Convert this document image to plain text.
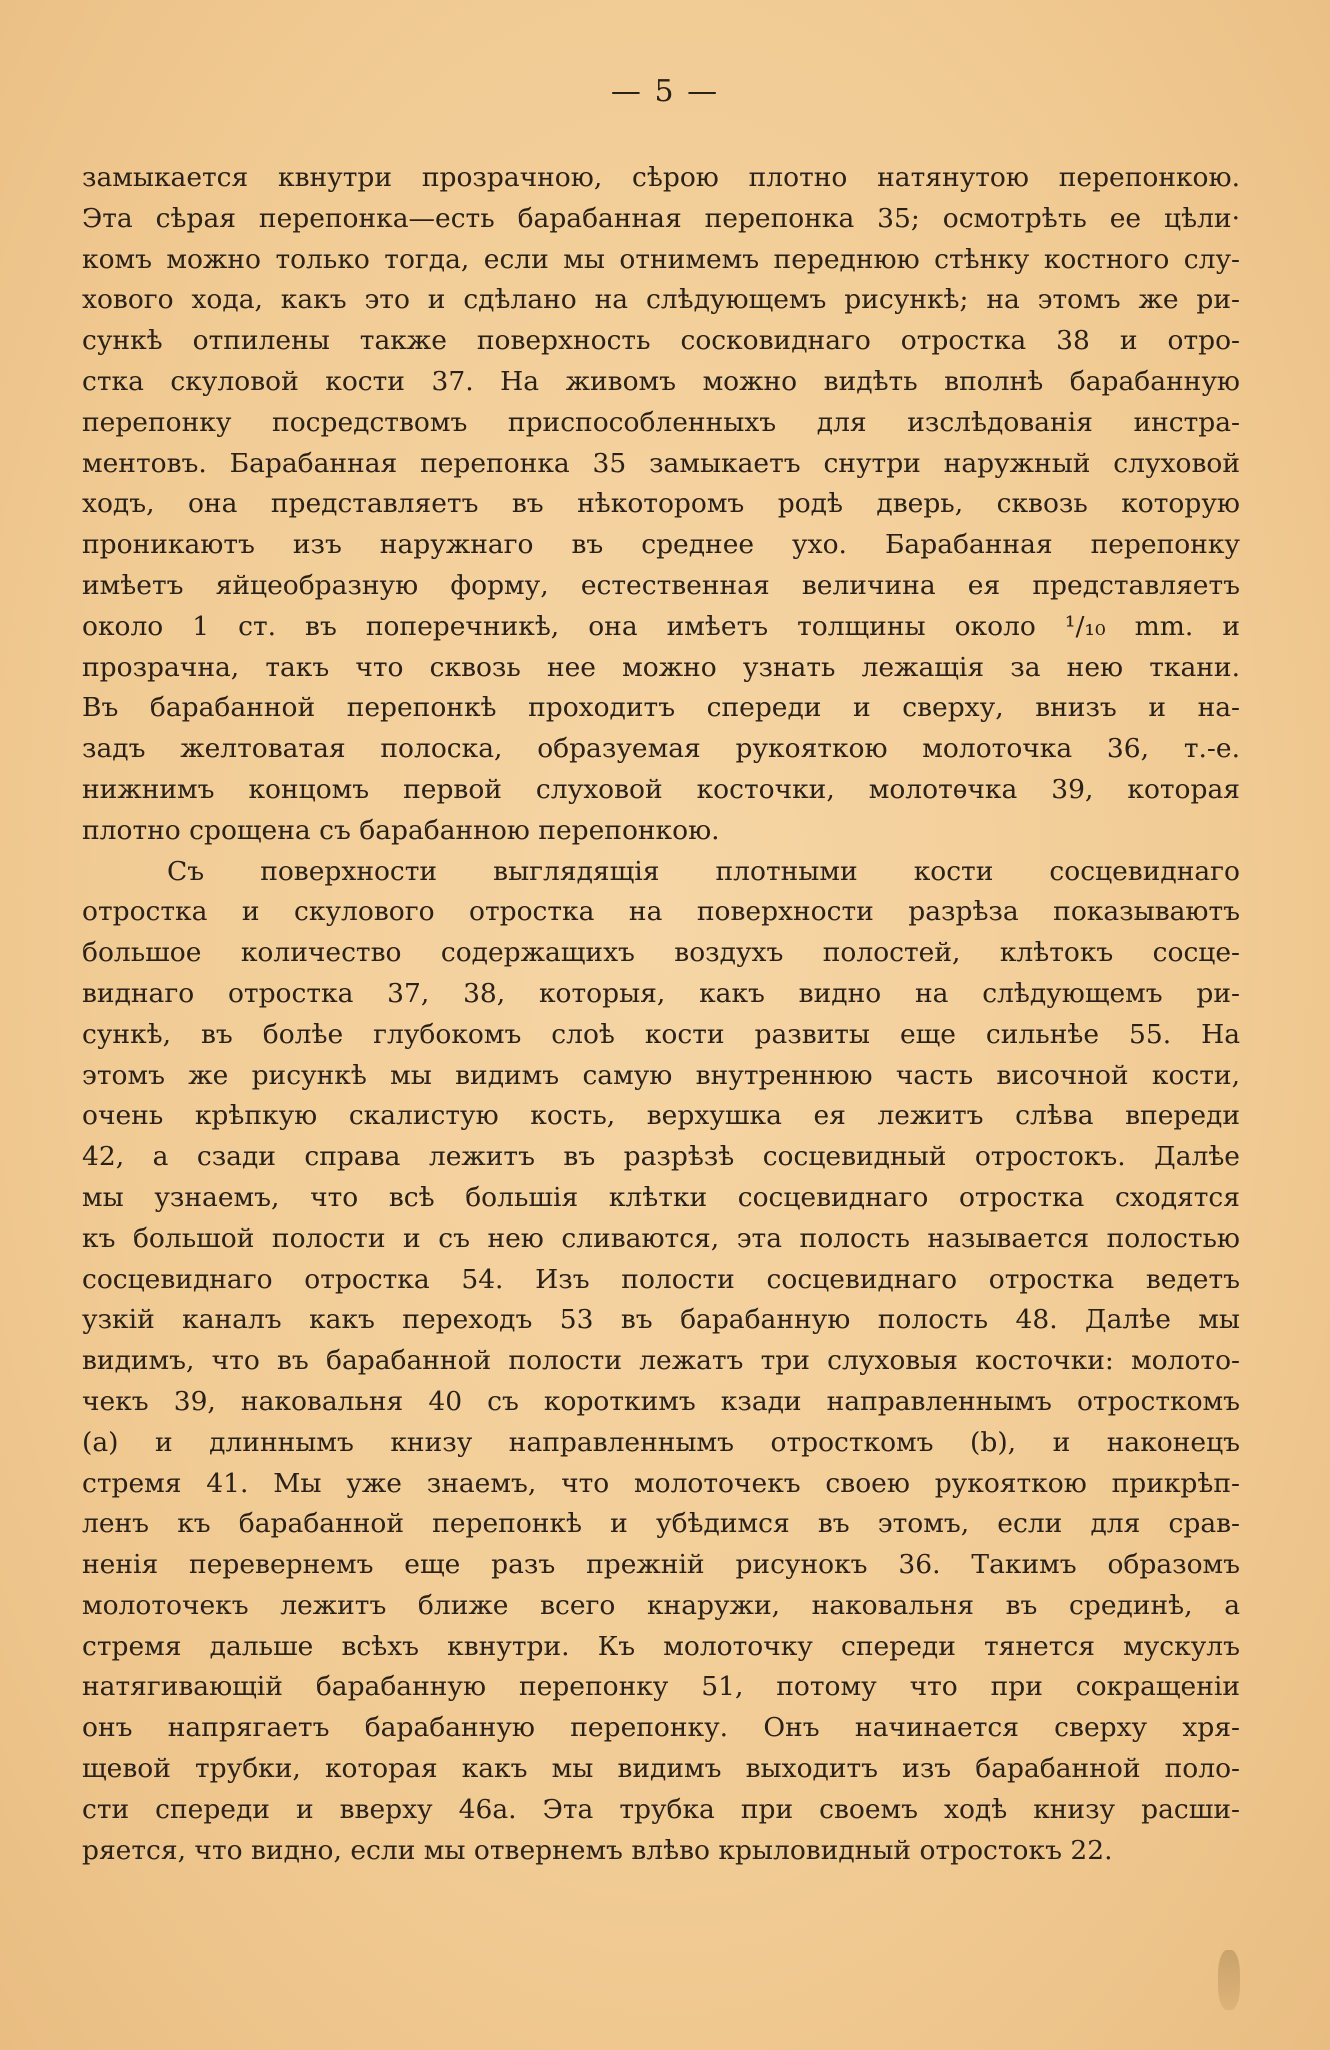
— 5 —
замыкается квнутри прозрачною, сѣрою плотно натянутою перепонкою.
Эта сѣрая перепонка—есть барабанная перепонка 35; осмотрѣть ее цѣли·
комъ можно только тогда, если мы отнимемъ переднюю стѣнку костного слу-
хового хода, какъ это и сдѣлано на слѣдующемъ рисункѣ; на этомъ же ри-
сункѣ отпилены также поверхность сосковиднаго отростка 38 и отро-
стка скуловой кости 37. На живомъ можно видѣть вполнѣ барабанную
перепонку посредствомъ приспособленныхъ для изслѣдованія инстра-
ментовъ. Барабанная перепонка 35 замыкаетъ снутри наружный слуховой
ходъ, она представляетъ въ нѣкоторомъ родѣ дверь, сквозь которую
проникаютъ изъ наружнаго въ среднее ухо. Барабанная перепонку
имѣетъ яйцеобразную форму, естественная величина ея представляетъ
около 1 ст. въ поперечникѣ, она имѣетъ толщины около ¹/₁₀ mm. и
прозрачна, такъ что сквозь нее можно узнать лежащія за нею ткани.
Въ барабанной перепонкѣ проходитъ спереди и сверху, внизъ и на-
задъ желтоватая полоска, образуемая рукояткою молоточка 36, т.-е.
нижнимъ концомъ первой слуховой косточки, молотѳчка 39, которая
плотно срощена съ барабанною перепонкою.
Съ поверхности выглядящія плотными кости сосцевиднаго
отростка и скулового отростка на поверхности разрѣза показываютъ
большое количество содержащихъ воздухъ полостей, клѣтокъ сосце-
виднаго отростка 37, 38, которыя, какъ видно на слѣдующемъ ри-
сункѣ, въ болѣе глубокомъ слоѣ кости развиты еще сильнѣе 55. На
этомъ же рисункѣ мы видимъ самую внутреннюю часть височной кости,
очень крѣпкую скалистую кость, верхушка ея лежитъ слѣва впереди
42, а сзади справа лежитъ въ разрѣзѣ сосцевидный отростокъ. Далѣе
мы узнаемъ, что всѣ большія клѣтки сосцевиднаго отростка сходятся
къ большой полости и съ нею сливаются, эта полость называется полостью
сосцевиднаго отростка 54. Изъ полости сосцевиднаго отростка ведетъ
узкій каналъ какъ переходъ 53 въ барабанную полость 48. Далѣе мы
видимъ, что въ барабанной полости лежатъ три слуховыя косточки: молото-
чекъ 39, наковальня 40 съ короткимъ кзади направленнымъ отросткомъ
(a) и длиннымъ книзу направленнымъ отросткомъ (b), и наконецъ
стремя 41. Мы уже знаемъ, что молоточекъ своею рукояткою прикрѣп-
ленъ къ барабанной перепонкѣ и убѣдимся въ этомъ, если для срав-
ненія перевернемъ еще разъ прежній рисунокъ 36. Такимъ образомъ
молоточекъ лежитъ ближе всего кнаружи, наковальня въ срединѣ, а
стремя дальше всѣхъ квнутри. Къ молоточку спереди тянется мускулъ
натягивающій барабанную перепонку 51, потому что при сокращеніи
онъ напрягаетъ барабанную перепонку. Онъ начинается сверху хря-
щевой трубки, которая какъ мы видимъ выходитъ изъ барабанной поло-
сти спереди и вверху 46а. Эта трубка при своемъ ходѣ книзу расши-
ряется, что видно, если мы отвернемъ влѣво крыловидный отростокъ 22.
